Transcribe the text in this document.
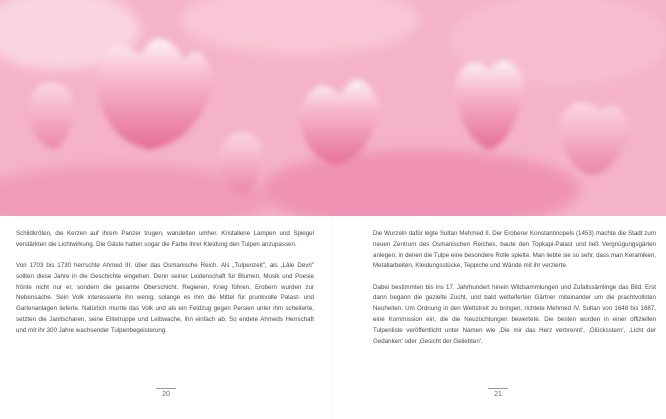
Schildkröten, die Kerzen auf ihrem Panzer trugen, wandelten umher. Kristallene Lampen und Spiegel verstärkten die Lichtwirkung. Die Gäste hatten sogar die Farbe ihrer Kleidung den Tulpen anzupassen.

Von 1703 bis 1730 herrschte Ahmed III. über das Osmanische Reich. Als „Tulpenzeit", als „Lâle Devri" sollten diese Jahre in die Geschichte eingehen. Denn seiner Leidenschaft für Blumen, Musik und Poesie frönte nicht nur er, sondern die gesamte Oberschicht. Regieren, Krieg führen, Erobern wurden zur Nebensache. Sein Volk interessierte ihn wenig, solange es ihm die Mittel für prunkvolle Palast- und Gartenanlagen lieferte. Natürlich murrte das Volk und als ein Feldzug gegen Persien unter ihm scheiterte, setzten die Janitscharen, seine Elitetruppe und Leibwache, ihn einfach ab. So endete Ahmeds Herrschaft und mit ihr 300 Jahre wachsender Tulpenbegeisterung.

Die Wurzeln dafür legte Sultan Mehmed II. Der Eroberer Konstantinopels (1453) machte die Stadt zum neuen Zentrum des Osmanischen Reiches, baute den Topkapi-Palast und ließ Vergnügungsgärten anlegen, in denen die Tulpe eine besondere Rolle spielte. Man liebte sie so sehr, dass man Keramiken, Metallarbeiten, Kleidungsstücke, Teppiche und Wände mit ihr verzierte.

Dabei bestimmten bis ins 17. Jahrhundert hinein Wildsammlungen und Zufallssämlinge das Bild. Erst dann begann die gezielte Zucht, und bald wetteiferten Gärtner miteinander um die prachtvollsten Neuheiten. Um Ordnung in den Wettstreit zu bringen, richtete Mehmed IV. Sultan von 1648 bis 1687, eine Kommission ein, die die Neuzüchtungen bewertete. Die besten wurden in einer offiziellen Tulpenliste veröffentlicht unter Namen wie ‚Die mir das Herz verbrennt', ‚Glücksstern', ‚Licht der Gedanken' oder ‚Gesicht der Geliebten'.

20	21
